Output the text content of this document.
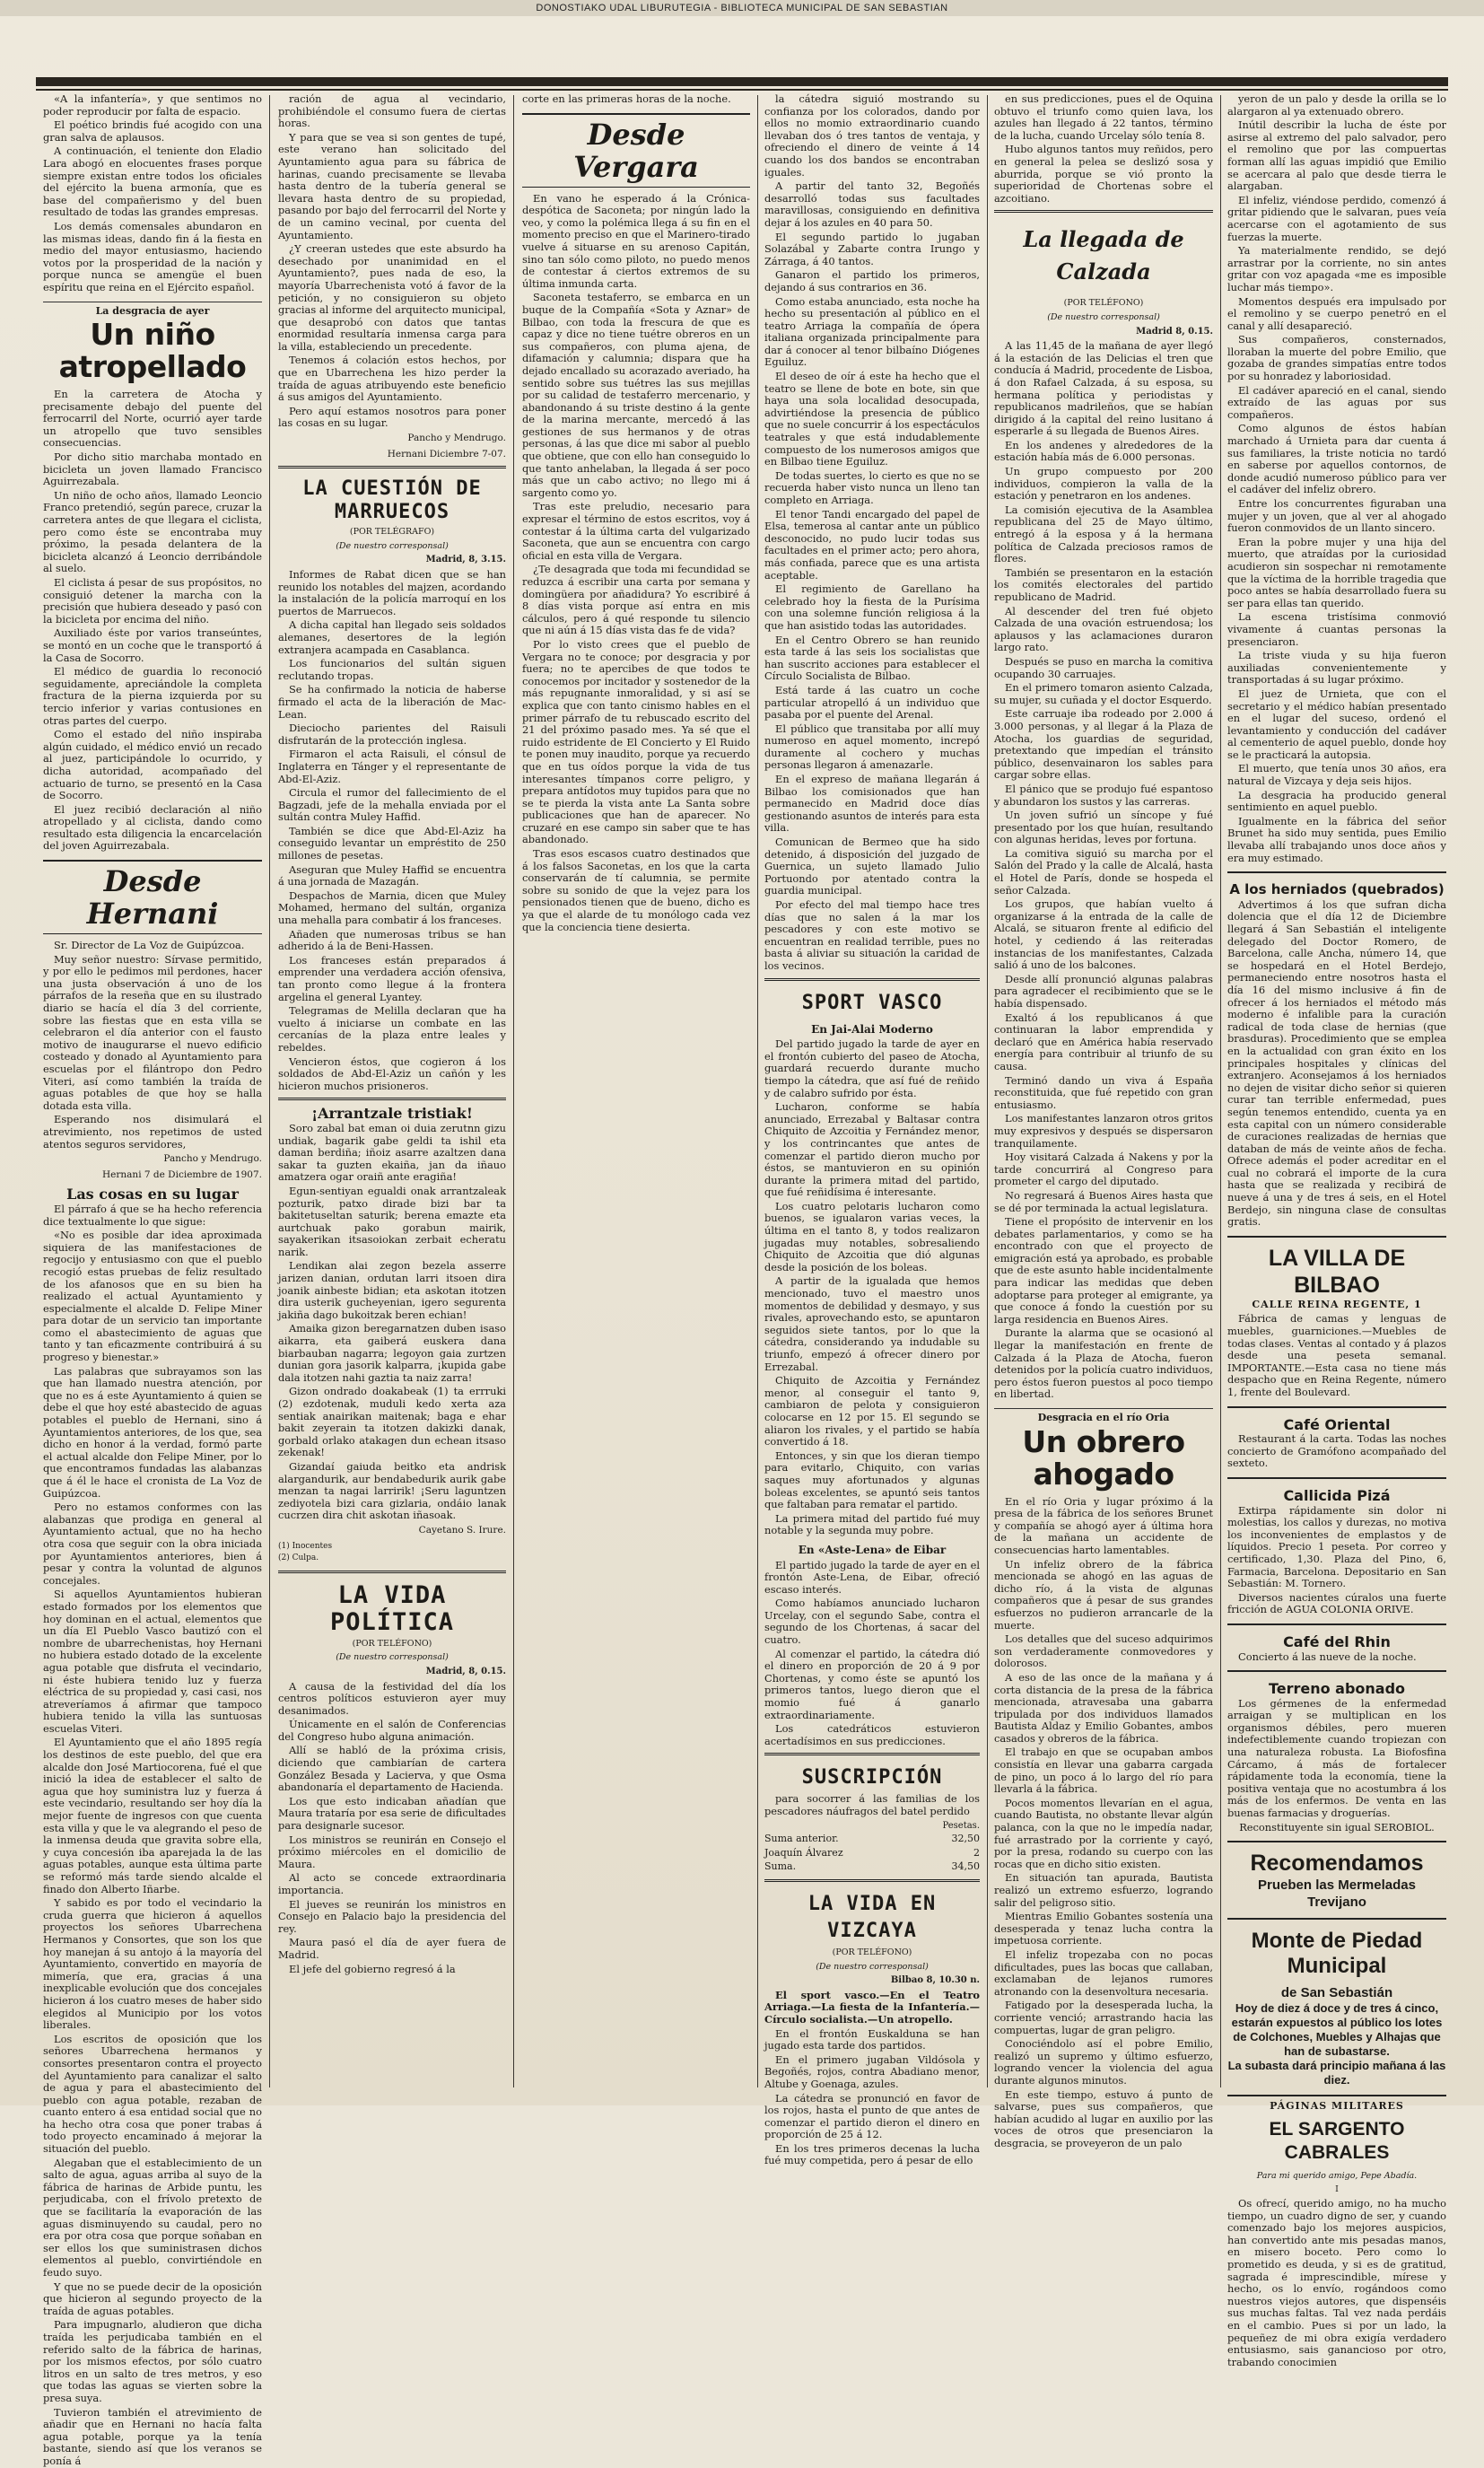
DONOSTIAKO UDAL LIBURUTEGIA - BIBLIOTECA MUNICIPAL DE SAN SEBASTIAN

«A la infantería», y que sentimos no poder reproducir por falta de espacio.

El poético brindis fué acogido con una gran salva de aplausos.

A continuación, el teniente don Eladio Lara abogó en elocuentes frases porque siempre existan entre todos los oficiales del ejército la buena armonía, que es base del compañerismo y del buen resultado de todas las grandes empresas.

Los demás comensales abundaron en las mismas ideas, dando fin á la fiesta en medio del mayor entusiasmo, haciendo votos por la prosperidad de la nación y porque nunca se amengüe el buen espíritu que reina en el Ejército español.

La desgracia de ayer
Un niño atropellado

En la carretera de Atocha y precisamente debajo del puente del ferrocarril del Norte, ocurrió ayer tarde un atropello que tuvo sensibles consecuencias.

Por dicho sitio marchaba montado en bicicleta un joven llamado Francisco Aguirrezabala.

Un niño de ocho años, llamado Leoncio Franco pretendió, según parece, cruzar la carretera antes de que llegara el ciclista, pero como éste se encontraba muy próximo, la pesada delantera de la bicicleta alcanzó á Leoncio derribándole al suelo.

El ciclista á pesar de sus propósitos, no consiguió detener la marcha con la precisión que hubiera deseado y pasó con la bicicleta por encima del niño.

Auxiliado éste por varios transeúntes, se montó en un coche que le transportó á la Casa de Socorro.

El médico de guardia lo reconoció seguidamente, apreciándole la completa fractura de la pierna izquierda por su tercio inferior y varias contusiones en otras partes del cuerpo.

Como el estado del niño inspiraba algún cuidado, el médico envió un recado al juez, participándole lo ocurrido, y dicha autoridad, acompañado del actuario de turno, se presentó en la Casa de Socorro.

El juez recibió declaración al niño atropellado y al ciclista, dando como resultado esta diligencia la encarcelación del joven Aguirrezabala.

Desde Hernani

Sr. Director de La Voz de Guipúzcoa.

Muy señor nuestro: Sírvase permitido, y por ello le pedimos mil perdones, hacer una justa observación á uno de los párrafos de la reseña que en su ilustrado diario se hacía el día 3 del corriente, sobre las fiestas que en esta villa se celebraron el día anterior con el fausto motivo de inaugurarse el nuevo edificio costeado y donado al Ayuntamiento para escuelas por el filántropo don Pedro Viteri, así como también la traída de aguas potables de que hoy se halla dotada esta villa.

Esperando nos disimulará el atrevimiento, nos repetimos de usted atentos seguros servidores,

Pancho y Mendrugo.
Hernani 7 de Diciembre de 1907.
Las cosas en su lugar

El párrafo á que se ha hecho referencia dice textualmente lo que sigue:

«No es posible dar idea aproximada siquiera de las manifestaciones de regocijo y entusiasmo con que el pueblo recogió estas pruebas de feliz resultado de los afanosos que en su bien ha realizado el actual Ayuntamiento y especialmente el alcalde D. Felipe Miner para dotar de un servicio tan importante como el abastecimiento de aguas que tanto y tan eficazmente contribuirá á su progreso y bienestar.»

Las palabras que subrayamos son las que han llamado nuestra atención, por que no es á este Ayuntamiento á quien se debe el que hoy esté abastecido de aguas potables el pueblo de Hernani, sino á Ayuntamientos anteriores, de los que, sea dicho en honor á la verdad, formó parte el actual alcalde don Felipe Miner, por lo que encontramos fundadas las alabanzas que á él le hace el cronista de La Voz de Guipúzcoa.

Pero no estamos conformes con las alabanzas que prodiga en general al Ayuntamiento actual, que no ha hecho otra cosa que seguir con la obra iniciada por Ayuntamientos anteriores, bien á pesar y contra la voluntad de algunos concejales.

Si aquellos Ayuntamientos hubieran estado formados por los elementos que hoy dominan en el actual, elementos que un día El Pueblo Vasco bautizó con el nombre de ubarrechenistas, hoy Hernani no hubiera estado dotado de la excelente agua potable que disfruta el vecindario, ni éste hubiera tenido luz y fuerza eléctrica de su propiedad y, casi casi, nos atreveríamos á afirmar que tampoco hubiera tenido la villa las suntuosas escuelas Viteri.

El Ayuntamiento que el año 1895 regía los destinos de este pueblo, del que era alcalde don José Martiocorena, fué el que inició la idea de establecer el salto de agua que hoy suministra luz y fuerza á este vecindario, resultando ser hoy día la mejor fuente de ingresos con que cuenta esta villa y que le va alegrando el peso de la inmensa deuda que gravita sobre ella, y cuya concesión iba aparejada la de las aguas potables, aunque esta última parte se reformó más tarde siendo alcalde el finado don Alberto Iñarbe.

Y sabido es por todo el vecindario la cruda guerra que hicieron á aquellos proyectos los señores Ubarrechena Hermanos y Consortes, que son los que hoy manejan á su antojo á la mayoría del Ayuntamiento, convertido en mayoría de mimería, que era, gracias á una inexplicable evolución que dos concejales hicieron á los cuatro meses de haber sido elegidos al Municipio por los votos liberales.

Los escritos de oposición que los señores Ubarrechena hermanos y consortes presentaron contra el proyecto del Ayuntamiento para canalizar el salto de agua y para el abastecimiento del pueblo con agua potable, rezaban de cuanto entero á esa entidad social que no ha hecho otra cosa que poner trabas á todo proyecto encaminado á mejorar la situación del pueblo.

Alegaban que el establecimiento de un salto de agua, aguas arriba al suyo de la fábrica de harinas de Arbide puntu, les perjudicaba, con el frívolo pretexto de que se facilitaría la evaporación de las aguas disminuyendo su caudal, pero no era por otra cosa que porque soñaban en ser ellos los que suministrasen dichos elementos al pueblo, convirtiéndole en feudo suyo.

Y que no se puede decir de la oposición que hicieron al segundo proyecto de la traída de aguas potables.

Para impugnarlo, aludieron que dicha traída les perjudicaba también en el referido salto de la fábrica de harinas, por los mismos efectos, por sólo cuatro litros en un salto de tres metros, y eso que todas las aguas se vierten sobre la presa suya.

Tuvieron también el atrevimiento de añadir que en Hernani no hacía falta agua potable, porque ya la tenía bastante, siendo así que los veranos se ponía á

ración de agua al vecindario, prohibiéndole el consumo fuera de ciertas horas.

Y para que se vea si son gentes de tupé, este verano han solicitado del Ayuntamiento agua para su fábrica de harinas, cuando precisamente se llevaba hasta dentro de la tubería general se llevara hasta dentro de su propiedad, pasando por bajo del ferrocarril del Norte y de un camino vecinal, por cuenta del Ayuntamiento.

¿Y creeran ustedes que este absurdo ha desechado por unanimidad en el Ayuntamiento?, pues nada de eso, la mayoría Ubarrechenista votó á favor de la petición, y no consiguieron su objeto gracias al informe del arquitecto municipal, que desaprobó con datos que tantas enormidad resultaría inmensa carga para la villa, estableciendo un precedente.

Tenemos á colación estos hechos, por que en Ubarrechena les hizo perder la traída de aguas atribuyendo este beneficio á sus amigos del Ayuntamiento.

Pero aquí estamos nosotros para poner las cosas en su lugar.

Pancho y Mendrugo.
Hernani Diciembre 7-07.
LA CUESTIÓN DE MARRUECOS
(POR TELÉGRAFO)
(De nuestro corresponsal)
Madrid, 8, 3.15.

Informes de Rabat dicen que se han reunido los notables del majzen, acordando la instalación de la policía marroquí en los puertos de Marruecos.

A dicha capital han llegado seis soldados alemanes, desertores de la legión extranjera acampada en Casablanca.

Los funcionarios del sultán siguen reclutando tropas.

Se ha confirmado la noticia de haberse firmado el acta de la liberación de Mac-Lean.

Dieciocho parientes del Raisuli disfrutarán de la protección inglesa.

Firmaron el acta Raisuli, el cónsul de Inglaterra en Tánger y el representante de Abd-El-Aziz.

Circula el rumor del fallecimiento de el Bagzadi, jefe de la mehalla enviada por el sultán contra Muley Haffid.

También se dice que Abd-El-Aziz ha conseguido levantar un empréstito de 250 millones de pesetas.

Aseguran que Muley Haffid se encuentra á una jornada de Mazagán.

Despachos de Marnia, dicen que Muley Mohamed, hermano del sultán, organiza una mehalla para combatir á los franceses.

Añaden que numerosas tribus se han adherido á la de Beni-Hassen.

Los franceses están preparados á emprender una verdadera acción ofensiva, tan pronto como llegue á la frontera argelina el general Lyantey.

Telegramas de Melilla declaran que ha vuelto á iniciarse un combate en las cercanías de la plaza entre leales y rebeldes.

Vencieron éstos, que cogieron á los soldados de Abd-El-Aziz un cañón y les hicieron muchos prisioneros.

¡Arrantzale tristiak!

Soro zabal bat eman oi duia zerutnn gizu undiak, bagarik gabe geldi ta ishil eta daman berdiña; iñoiz asarre azaltzen dana sakar ta guzten ekaiña, jan da iñauo amatzera ogar oraiñ ante eragiña!

Egun-sentiyan egualdi onak arrantzaleak pozturik, patxo dirade bizi bar ta bakitetuseltan saturik; berena emazte eta aurtchuak pako gorabun mairik, sayakerikan itsasoiokan zerbait echeratu narik.

Lendikan alai zegon bezela asserre jarizen danian, ordutan larri itsoen dira joanik ainbeste bidian; eta askotan itotzen dira usterik gucheyenian, igero segurenta jakiña dago bukoitzak beren echian!

Amaika gizon beregarnatzen duben isaso aikarra, eta gaiberá euskera dana biarbauban nagarra; legoyon gaia zurtzen dunian gora jasorik kalparra, ¡kupida gabe dala itotzen nahi gaztia ta naiz zarra!

Gizon ondrado doakabeak (1) ta errruki (2) ezdotenak, muduli kedo xerta aza sentiak anairikan maitenak; baga e ehar bakit zeyerain ta itotzen dakizki danak, gorbald orlako atakagen dun echean itsaso zekenak!

Gizandaí gaiuda beitko eta andrisk alargandurik, aur bendabedurik aurik gabe menzan ta nagai larririk! ¡Seru laguntzen zediyotela bizi cara gizlaria, ondáio lanak cucrzen dira chit askotan iñasoak.

Cayetano S. Irure.
(1) Inocentes
(2) Culpa.
LA VIDA POLÍTICA
(POR TELÉFONO)
(De nuestro corresponsal)
Madrid, 8, 0.15.

A causa de la festividad del día los centros políticos estuvieron ayer muy desanimados.

Únicamente en el salón de Conferencias del Congreso hubo alguna animación.

Allí se habló de la próxima crisis, diciendo que cambiarían de cartera González Besada y Lacierva, y que Osma abandonaría el departamento de Hacienda.

Los que esto indicaban añadían que Maura trataría por esa serie de dificultades para designarle sucesor.

Los ministros se reunirán en Consejo el próximo miércoles en el domicilio de Maura.

Al acto se concede extraordinaria importancia.

El jueves se reunirán los ministros en Consejo en Palacio bajo la presidencia del rey.

Maura pasó el día de ayer fuera de Madrid.

El jefe del gobierno regresó á la

corte en las primeras horas de la noche.

Desde Vergara

En vano he esperado á la Crónica-despótica de Saconeta; por ningún lado la veo, y como la polémica llega á su fin en el momento preciso en que el Marinero-tirado vuelve á situarse en su arenoso Capitán, sino tan sólo como piloto, no puedo menos de contestar á ciertos extremos de su última inmunda carta.

Saconeta testaferro, se embarca en un buque de la Compañía «Sota y Aznar» de Bilbao, con toda la frescura de que es capaz y dice no tiene tuétre obreros en un sus compañeros, con pluma ajena, de difamación y calumnia; dispara que ha dejado encallado su acorazado averiado, ha sentido sobre sus tuétres las sus mejillas por su calidad de testaferro mercenario, y abandonando á su triste destino á la gente de la marina mercante, mercedó á las gestiones de sus hermanos y de otras personas, á las que dice mi sabor al pueblo que obtiene, que con ello han conseguido lo que tanto anhelaban, la llegada á ser poco más que un cabo activo; no llego mi á sargento como yo.

Tras este preludio, necesario para expresar el término de estos escritos, voy á contestar á la última carta del vulgarizado Saconeta, que aun se encuentra con cargo oficial en esta villa de Vergara.

¿Te desagrada que toda mi fecundidad se reduzca á escribir una carta por semana y domingüera por añadidura? Yo escribiré á 8 días vista porque así entra en mis cálculos, pero á qué responde tu silencio que ni aún á 15 días vista das fe de vida?

Por lo visto crees que el pueblo de Vergara no te conoce; por desgracia y por fuera; no te apercibes de que todos te conocemos por incitador y sostenedor de la más repugnante inmoralidad, y si así se explica que con tanto cinismo hables en el primer párrafo de tu rebuscado escrito del 21 del próximo pasado mes. Ya sé que el ruido estridente de El Concierto y El Ruido te ponen muy inaudito, porque ya recuerdo que en tus oídos porque la vida de tus interesantes tímpanos corre peligro, y prepara antídotos muy tupidos para que no se te pierda la vista ante La Santa sobre publicaciones que han de aparecer. No cruzaré en ese campo sin saber que te has abandonado.

Tras esos escasos cuatro destinados que á los falsos Saconetas, en los que la carta conservarán de tí calumnia, se permite sobre su sonido de que la vejez para los pensionados tienen que de bueno, dicho es ya que el alarde de tu monólogo cada vez que la conciencia tiene desierta.

la cátedra siguió mostrando su confianza por los colorados, dando por ellos no momio extraordinario cuando llevaban dos ó tres tantos de ventaja, y ofreciendo el dinero de veinte á 14 cuando los dos bandos se encontraban iguales.

A partir del tanto 32, Begoñés desarrolló todas sus facultades maravillosas, consiguiendo en definitiva dejar á los azules en 40 para 50.

El segundo partido lo jugaban Solazábal y Zabarte contra Irungo y Zárraga, á 40 tantos.

Ganaron el partido los primeros, dejando á sus contrarios en 36.

Como estaba anunciado, esta noche ha hecho su presentación al público en el teatro Arriaga la compañía de ópera italiana organizada principalmente para dar á conocer al tenor bilbaíno Diógenes Eguiluz.

El deseo de oír á este ha hecho que el teatro se llene de bote en bote, sin que haya una sola localidad desocupada, advirtiéndose la presencia de público que no suele concurrir á los espectáculos teatrales y que está indudablemente compuesto de los numerosos amigos que en Bilbao tiene Eguiluz.

De todas suertes, lo cierto es que no se recuerda haber visto nunca un lleno tan completo en Arriaga.

El tenor Tandi encargado del papel de Elsa, temerosa al cantar ante un público desconocido, no pudo lucir todas sus facultades en el primer acto; pero ahora, más confiada, parece que es una artista aceptable.

El regimiento de Garellano ha celebrado hoy la fiesta de la Purísima con una solemne función religiosa á la que han asistido todas las autoridades.

En el Centro Obrero se han reunido esta tarde á las seis los socialistas que han suscrito acciones para establecer el Círculo Socialista de Bilbao.

Está tarde á las cuatro un coche particular atropelló á un individuo que pasaba por el puente del Arenal.

El público que transitaba por allí muy numeroso en aquel momento, increpó duramente al cochero y muchas personas llegaron á amenazarle.

En el expreso de mañana llegarán á Bilbao los comisionados que han permanecido en Madrid doce días gestionando asuntos de interés para esta villa.

Comunican de Bermeo que ha sido detenido, á disposición del juzgado de Guernica, un sujeto llamado Julio Portuondo por atentado contra la guardia municipal.

Por efecto del mal tiempo hace tres días que no salen á la mar los pescadores y con este motivo se encuentran en realidad terrible, pues no basta á aliviar su situación la caridad de los vecinos.

SPORT VASCO
En Jai-Alai Moderno

Del partido jugado la tarde de ayer en el frontón cubierto del paseo de Atocha, guardará recuerdo durante mucho tiempo la cátedra, que así fué de reñido y de calabro sufrido por ésta.

Lucharon, conforme se había anunciado, Errezabal y Baltasar contra Chiquito de Azcoitia y Fernández menor, y los contrincantes que antes de comenzar el partido dieron mucho por éstos, se mantuvieron en su opinión durante la primera mitad del partido, que fué reñidísima é interesante.

Los cuatro pelotaris lucharon como buenos, se igualaron varias veces, la última en el tanto 8, y todos realizaron jugadas muy notables, sobresaliendo Chiquito de Azcoitia que dió algunas desde la posición de los boleas.

A partir de la igualada que hemos mencionado, tuvo el maestro unos momentos de debilidad y desmayo, y sus rivales, aprovechando esto, se apuntaron seguidos siete tantos, por lo que la cátedra, considerando ya indudable su triunfo, empezó á ofrecer dinero por Errezabal.

Chiquito de Azcoitia y Fernández menor, al conseguir el tanto 9, cambiaron de pelota y consiguieron colocarse en 12 por 15. El segundo se aliaron los rivales, y el partido se había convertido á 18.

Entonces, y sin que los dieran tiempo para evitarlo, Chiquito, con varias saques muy afortunados y algunas boleas excelentes, se apuntó seis tantos que faltaban para rematar el partido.

La primera mitad del partido fué muy notable y la segunda muy pobre.

En «Aste-Lena» de Eibar

El partido jugado la tarde de ayer en el frontón Aste-Lena, de Eibar, ofreció escaso interés.

Como habíamos anunciado lucharon Urcelay, con el segundo Sabe, contra el segundo de los Chortenas, á sacar del cuatro.

Al comenzar el partido, la cátedra dió el dinero en proporción de 20 á 9 por Chortenas, y como éste se apuntó los primeros tantos, luego dieron que el momio fué á ganarlo extraordinariamente.

Los catedráticos estuvieron acertadísimos en sus predicciones.

SUSCRIPCIÓN

para socorrer á las familias de los pescadores náufragos del batel perdido

Pesetas.
Suma anterior.	32,50
Joaquín Álvarez	2
Suma.	34,50
LA VIDA EN VIZCAYA
(POR TELÉFONO)
(De nuestro corresponsal)
Bilbao 8, 10.30 n.

El sport vasco.—En el Teatro Arriaga.—La fiesta de la Infantería.—Círculo socialista.—Un atropello.

En el frontón Euskalduna se han jugado esta tarde dos partidos.

En el primero jugaban Vildósola y Begoñés, rojos, contra Abadiano menor, Altube y Goenaga, azules.

La cátedra se pronunció en favor de los rojos, hasta el punto de que antes de comenzar el partido dieron el dinero en proporción de 25 á 12.

En los tres primeros decenas la lucha fué muy competida, pero á pesar de ello

en sus predicciones, pues el de Oquina obtuvo el triunfo como quien lava, los azules han llegado á 22 tantos, término de la lucha, cuando Urcelay sólo tenía 8.

Hubo algunos tantos muy reñidos, pero en general la pelea se deslizó sosa y aburrida, porque se vió pronto la superioridad de Chortenas sobre el azcoitiano.

La llegada de Calzada
(POR TELÉFONO)
(De nuestro corresponsal)
Madrid 8, 0.15.

A las 11,45 de la mañana de ayer llegó á la estación de las Delicias el tren que conducía á Madrid, procedente de Lisboa, á don Rafael Calzada, á su esposa, su hermana política y periodistas y republicanos madrileños, que se habían dirigido á la capital del reino lusitano á esperarle á su llegada de Buenos Aires.

En los andenes y alrededores de la estación había más de 6.000 personas.

Un grupo compuesto por 200 individuos, compieron la valla de la estación y penetraron en los andenes.

La comisión ejecutiva de la Asamblea republicana del 25 de Mayo último, entregó á la esposa y á la hermana política de Calzada preciosos ramos de flores.

También se presentaron en la estación los comités electorales del partido republicano de Madrid.

Al descender del tren fué objeto Calzada de una ovación estruendosa; los aplausos y las aclamaciones duraron largo rato.

Después se puso en marcha la comitiva ocupando 30 carruajes.

En el primero tomaron asiento Calzada, su mujer, su cuñada y el doctor Esquerdo.

Este carruaje iba rodeado por 2.000 á 3.000 personas, y al llegar á la Plaza de Atocha, los guardias de seguridad, pretextando que impedían el tránsito público, desenvainaron los sables para cargar sobre ellas.

El pánico que se produjo fué espantoso y abundaron los sustos y las carreras.

Un joven sufrió un síncope y fué presentado por los que huían, resultando con algunas heridas, leves por fortuna.

La comitiva siguió su marcha por el Salón del Prado y la calle de Alcalá, hasta el Hotel de París, donde se hospeda el señor Calzada.

Los grupos, que habían vuelto á organizarse á la entrada de la calle de Alcalá, se situaron frente al edificio del hotel, y cediendo á las reiteradas instancias de los manifestantes, Calzada salió á uno de los balcones.

Desde allí pronunció algunas palabras para agradecer el recibimiento que se le había dispensado.

Exaltó á los republicanos á que continuaran la labor emprendida y declaró que en América había reservado energía para contribuir al triunfo de su causa.

Terminó dando un viva á España reconstituida, que fué repetido con gran entusiasmo.

Los manifestantes lanzaron otros gritos muy expresivos y después se dispersaron tranquilamente.

Hoy visitará Calzada á Nakens y por la tarde concurrirá al Congreso para prometer el cargo del diputado.

No regresará á Buenos Aires hasta que se dé por terminada la actual legislatura.

Tiene el propósito de intervenir en los debates parlamentarios, y como se ha encontrado con que el proyecto de emigración está ya aprobado, es probable que de este asunto hable incidentalmente para indicar las medidas que deben adoptarse para proteger al emigrante, ya que conoce á fondo la cuestión por su larga residencia en Buenos Aires.

Durante la alarma que se ocasionó al llegar la manifestación en frente de Calzada á la Plaza de Atocha, fueron detenidos por la policía cuatro individuos, pero éstos fueron puestos al poco tiempo en libertad.

Desgracia en el río Oria
Un obrero ahogado

En el río Oria y lugar próximo á la presa de la fábrica de los señores Brunet y compañía se ahogó ayer á última hora de la mañana un accidente de consecuencias harto lamentables.

Un infeliz obrero de la fábrica mencionada se ahogó en las aguas de dicho río, á la vista de algunas compañeros que á pesar de sus grandes esfuerzos no pudieron arrancarle de la muerte.

Los detalles que del suceso adquirimos son verdaderamente conmovedores y dolorosos.

A eso de las once de la mañana y á corta distancia de la presa de la fábrica mencionada, atravesaba una gabarra tripulada por dos individuos llamados Bautista Aldaz y Emilio Gobantes, ambos casados y obreros de la fábrica.

El trabajo en que se ocupaban ambos consistía en llevar una gabarra cargada de pino, un poco á lo largo del río para llevarla á la fábrica.

Pocos momentos llevarían en el agua, cuando Bautista, no obstante llevar algún palanca, con la que no le impedía nadar, fué arrastrado por la corriente y cayó, por la presa, rodando su cuerpo con las rocas que en dicho sitio existen.

En situación tan apurada, Bautista realizó un extremo esfuerzo, logrando salir del peligroso sitio.

Mientras Emilio Gobantes sostenía una desesperada y tenaz lucha contra la impetuosa corriente.

El infeliz tropezaba con no pocas dificultades, pues las bocas que callaban, exclamaban de lejanos rumores atronando con la desenvoltura necesaria.

Fatigado por la desesperada lucha, la corriente venció; arrastrando hacia las compuertas, lugar de gran peligro.

Conociéndolo así el pobre Emilio, realizó un supremo y último esfuerzo, logrando vencer la violencia del agua durante algunos minutos.

En este tiempo, estuvo á punto de salvarse, pues sus compañeros, que habían acudido al lugar en auxilio por las voces de otros que presenciaron la desgracia, se proveyeron de un palo

yeron de un palo y desde la orilla se lo alargaron al ya extenuado obrero.

Inútil describir la lucha de éste por asirse al extremo del palo salvador, pero el remolino que por las compuertas forman allí las aguas impidió que Emilio se acercara al palo que desde tierra le alargaban.

El infeliz, viéndose perdido, comenzó á gritar pidiendo que le salvaran, pues veía acercarse con el agotamiento de sus fuerzas la muerte.

Ya materialmente rendido, se dejó arrastrar por la corriente, no sin antes gritar con voz apagada «me es imposible luchar más tiempo».

Momentos después era impulsado por el remolino y se cuerpo penetró en el canal y allí desapareció.

Sus compañeros, consternados, lloraban la muerte del pobre Emilio, que gozaba de grandes simpatías entre todos por su honradez y laboriosidad.

El cadáver apareció en el canal, siendo extraído de las aguas por sus compañeros.

Como algunos de éstos habían marchado á Urnieta para dar cuenta á sus familiares, la triste noticia no tardó en saberse por aquellos contornos, de donde acudió numeroso público para ver el cadáver del infeliz obrero.

Entre los concurrentes figuraban una mujer y un joven, que al ver al ahogado fueron conmovidos de un llanto sincero.

Eran la pobre mujer y una hija del muerto, que atraídas por la curiosidad acudieron sin sospechar ni remotamente que la víctima de la horrible tragedia que poco antes se había desarrollado fuera su ser para ellas tan querido.

La escena tristísima conmovió vivamente á cuantas personas la presenciaron.

La triste viuda y su hija fueron auxiliadas convenientemente y transportadas á su lugar próximo.

El juez de Urnieta, que con el secretario y el médico habían presentado en el lugar del suceso, ordenó el levantamiento y conducción del cadáver al cementerio de aquel pueblo, donde hoy se le practicará la autopsia.

El muerto, que tenía unos 30 años, era natural de Vizcaya y deja seis hijos.

La desgracia ha producido general sentimiento en aquel pueblo.

Igualmente en la fábrica del señor Brunet ha sido muy sentida, pues Emilio llevaba allí trabajando unos doce años y era muy estimado.

A los herniados (quebrados)

Advertimos á los que sufran dicha dolencia que el día 12 de Diciembre llegará á San Sebastián el inteligente delegado del Doctor Romero, de Barcelona, calle Ancha, número 14, que se hospedará en el Hotel Berdejo, permaneciendo entre nosotros hasta el día 16 del mismo inclusive á fin de ofrecer á los herniados el método más moderno é infalible para la curación radical de toda clase de hernias (que brasduras). Procedimiento que se emplea en la actualidad con gran éxito en los principales hospitales y clínicas del extranjero. Aconsejamos á los herniados no dejen de visitar dicho señor si quieren curar tan terrible enfermedad, pues según tenemos entendido, cuenta ya en esta capital con un número considerable de curaciones realizadas de hernias que databan de más de veinte años de fecha. Ofrece además el poder acreditar en el cual no cobrará el importe de la cura hasta que se realizada y recibirá de nueve á una y de tres á seis, en el Hotel Berdejo, sin ninguna clase de consultas gratis.

LA VILLA DE BILBAO
CALLE REINA REGENTE, 1

Fábrica de camas y lenguas de muebles, guarniciones.—Muebles de todas clases. Ventas al contado y á plazos desde una peseta semanal. IMPORTANTE.—Esta casa no tiene más despacho que en Reina Regente, número 1, frente del Boulevard.

Café Oriental

Restaurant á la carta. Todas las noches concierto de Gramófono acompañado del sexteto.

Callicida Pizá

Extirpa rápidamente sin dolor ni molestias, los callos y durezas, no motiva los inconvenientes de emplastos y de líquidos. Precio 1 peseta. Por correo y certificado, 1,30. Plaza del Pino, 6, Farmacia, Barcelona. Depositario en San Sebastián: M. Tornero.

Diversos nacientes cúralos una fuerte fricción de AGUA COLONIA ORIVE.

Café del Rhin

Concierto á las nueve de la noche.

Terreno abonado

Los gérmenes de la enfermedad arraigan y se multiplican en los organismos débiles, pero mueren indefectiblemente cuando tropiezan con una naturaleza robusta. La Biofosfina Cárcamo, á más de fortalecer rápidamente toda la economía, tiene la positiva ventaja que no acostumbra á los más de los enfermos. De venta en las buenas farmacias y droguerías.

Reconstituyente sin igual SEROBIOL.

Recomendamos
Prueben las Mermeladas Trevijano
Monte de Piedad Municipal
de San Sebastián
Hoy de diez á doce y de tres á cinco, estarán expuestos al público los lotes de Colchones, Muebles y Alhajas que han de subastarse.
La subasta dará principio mañana á las diez.
PÁGINAS MILITARES
EL SARGENTO CABRALES
Para mi querido amigo, Pepe Abadía.
I

Os ofrecí, querido amigo, no ha mucho tiempo, un cuadro digno de ser, y cuando comenzado bajo los mejores auspicios, han convertido ante mis pesadas manos, en misero boceto. Pero como lo prometido es deuda, y si es de gratitud, sagrada é imprescindible, mírese y hecho, os lo envío, rogándoos como nuestros viejos autores, que dispenséis sus muchas faltas. Tal vez nada perdáis en el cambio. Pues si por un lado, la pequeñez de mi obra exigía verdadero entusiasmo, sais ganancioso por otro, trabando conocimien
